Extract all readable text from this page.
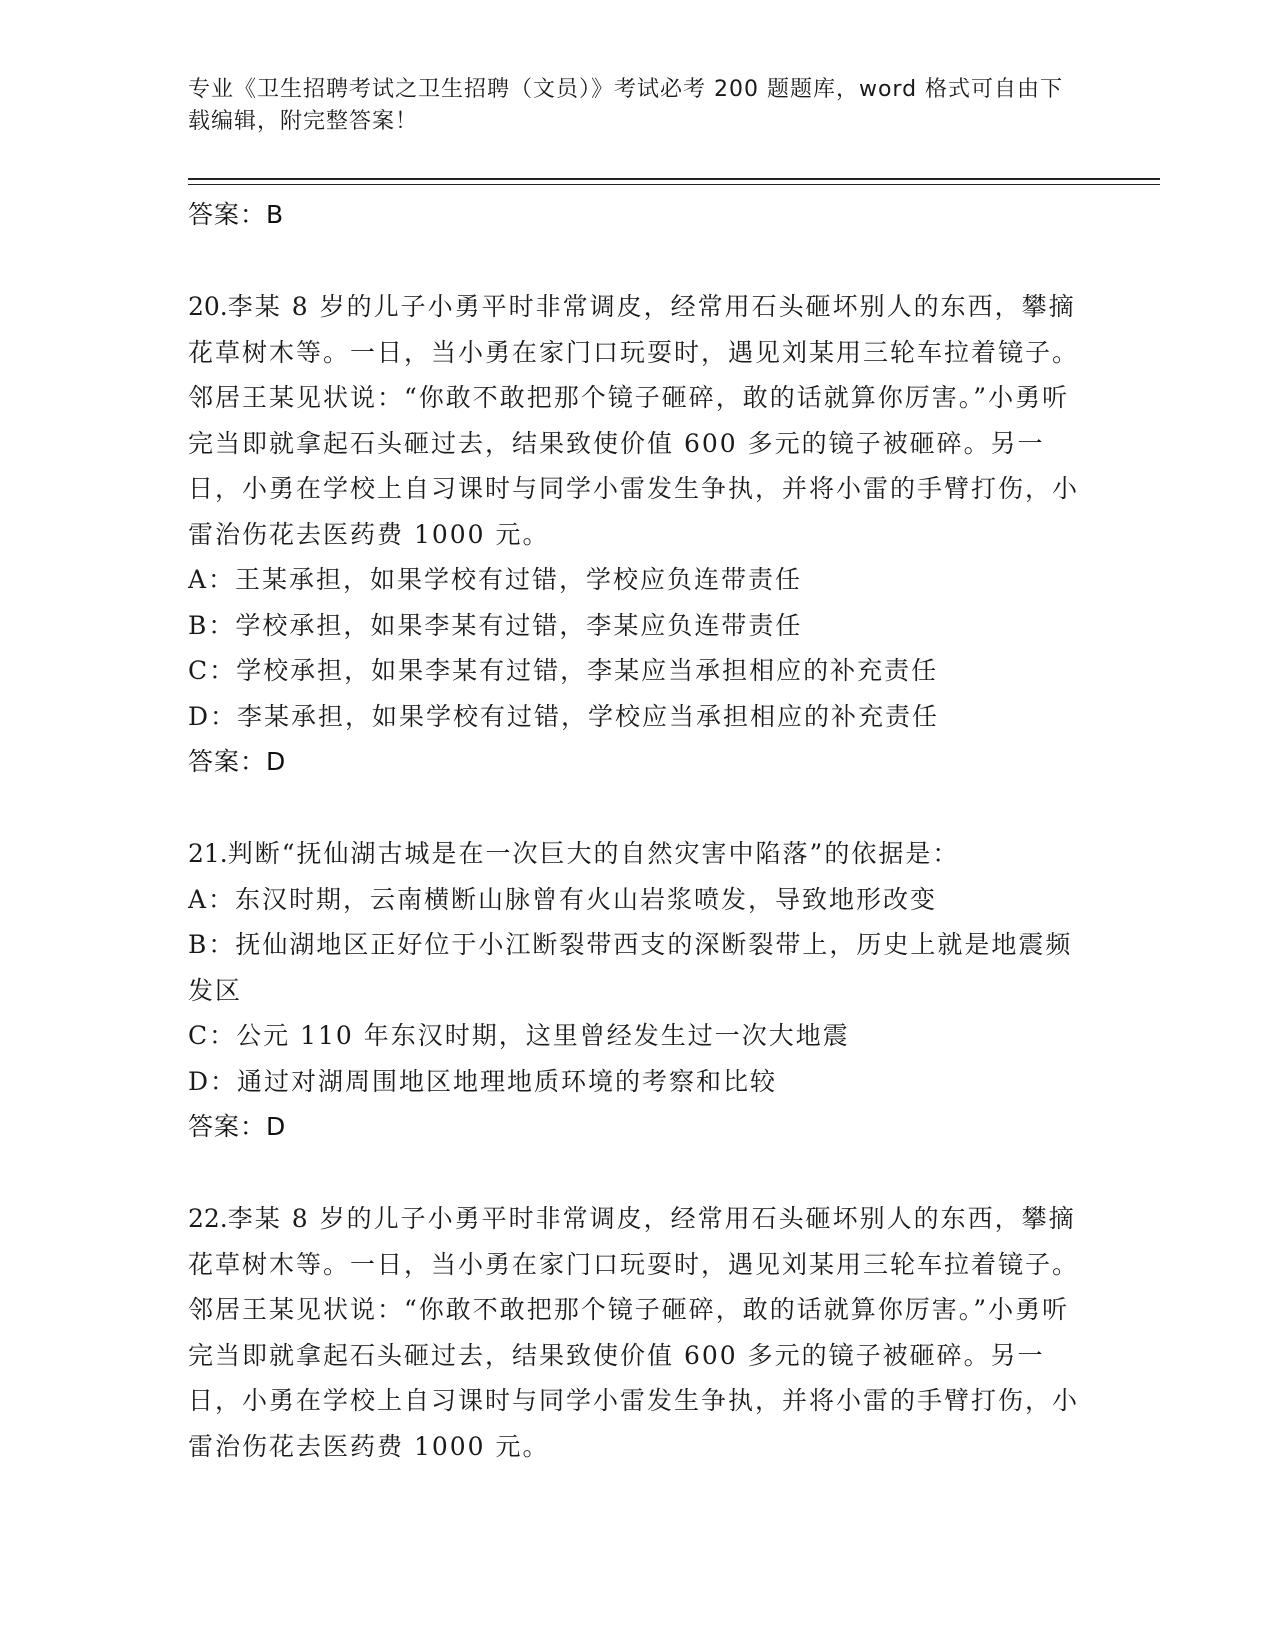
专业《卫生招聘考试之卫生招聘（文员）》考试必考 200 题题库，word 格式可自由下载编辑，附完整答案！
答案：B
20.李某 8 岁的儿子小勇平时非常调皮，经常用石头砸坏别人的东西，攀摘花草树木等。一日，当小勇在家门口玩耍时，遇见刘某用三轮车拉着镜子。邻居王某见状说：“你敢不敢把那个镜子砸碎，敢的话就算你厉害。”小勇听完当即就拿起石头砸过去，结果致使价值 600 多元的镜子被砸碎。另一日，小勇在学校上自习课时与同学小雷发生争执，并将小雷的手臂打伤，小雷治伤花去医药费 1000 元。
A：王某承担，如果学校有过错，学校应负连带责任
B：学校承担，如果李某有过错，李某应负连带责任
C：学校承担，如果李某有过错，李某应当承担相应的补充责任
D：李某承担，如果学校有过错，学校应当承担相应的补充责任
答案：D
21.判断“抚仙湖古城是在一次巨大的自然灾害中陷落”的依据是：
A：东汉时期，云南横断山脉曾有火山岩浆喷发，导致地形改变
B：抚仙湖地区正好位于小江断裂带西支的深断裂带上，历史上就是地震频发区
C：公元 110 年东汉时期，这里曾经发生过一次大地震
D：通过对湖周围地区地理地质环境的考察和比较
答案：D
22.李某 8 岁的儿子小勇平时非常调皮，经常用石头砸坏别人的东西，攀摘花草树木等。一日，当小勇在家门口玩耍时，遇见刘某用三轮车拉着镜子。邻居王某见状说：“你敢不敢把那个镜子砸碎，敢的话就算你厉害。”小勇听完当即就拿起石头砸过去，结果致使价值 600 多元的镜子被砸碎。另一日，小勇在学校上自习课时与同学小雷发生争执，并将小雷的手臂打伤，小雷治伤花去医药费 1000 元。
